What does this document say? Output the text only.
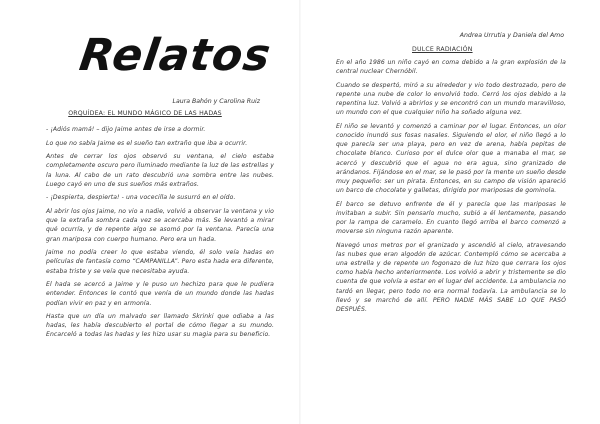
Relatos
Laura Bahón y Carolina Ruiz
ORQUÍDEA: EL MUNDO MÁGICO DE LAS HADAS

- ¡Adiós mamá! – dijo Jaime antes de irse a dormir.

Lo que no sabía Jaime es el sueño tan extraño que iba a ocurrir.

Antes de cerrar los ojos observó su ventana, el cielo estaba completamente oscuro pero iluminado mediante la luz de las estrellas y la luna. Al cabo de un rato descubrió una sombra entre las nubes. Luego cayó en uno de sus sueños más extraños.

- ¡Despierta, despierta! - una vocecilla le susurró en el oído.

Al abrir los ojos Jaime, no vio a nadie, volvió a observar la ventana y vio que la extraña sombra cada vez se acercaba más. Se levantó a mirar qué ocurría, y de repente algo se asomó por la ventana. Parecía una gran mariposa con cuerpo humano. Pero era un hada.

Jaime no podía creer lo que estaba viendo, él solo veía hadas en películas de fantasía como “CAMPANILLA”. Pero esta hada era diferente, estaba triste y se veía que necesitaba ayuda.

El hada se acercó a Jaime y le puso un hechizo para que le pudiera entender. Entonces le contó que venía de un mundo donde las hadas podían vivir en paz y en armonía.

Hasta que un día un malvado ser llamado Skrinki que odiaba a las hadas, les había descubierto el portal de cómo llegar a su mundo. Encarceló a todas las hadas y les hizo usar su magia para su beneficio.

Andrea Urrutia y Daniela del Amo
DULCE RADIACIÓN

En el año 1986 un niño cayó en coma debido a la gran explosión de la central nuclear Chernóbil.

Cuando se despertó, miró a su alrededor y vio todo destrozado, pero de repente una nube de color lo envolvió todo. Cerró los ojos debido a la repentina luz. Volvió a abrirlos y se encontró con un mundo maravilloso, un mundo con el que cualquier niño ha soñado alguna vez.

El niño se levantó y comenzó a caminar por el lugar. Entonces, un olor conocido inundó sus fosas nasales. Siguiendo el olor, el niño llegó a lo que parecía ser una playa, pero en vez de arena, había pepitas de chocolate blanco. Curioso por el dulce olor que a manaba el mar, se acercó y descubrió que el agua no era agua, sino granizado de arándanos. Fijándose en el mar, se le pasó por la mente un sueño desde muy pequeño: ser un pirata. Entonces, en su campo de visión apareció un barco de chocolate y galletas, dirigido por mariposas de gominola.

El barco se detuvo enfrente de él y parecía que las mariposas le invitaban a subir. Sin pensarlo mucho, subió a él lentamente, pasando por la rampa de caramelo. En cuanto llegó arriba el barco comenzó a moverse sin ninguna razón aparente.

Navegó unos metros por el granizado y ascendió al cielo, atravesando las nubes que eran algodón de azúcar. Contempló cómo se acercaba a una estrella y de repente un fogonazo de luz hizo que cerrara los ojos como había hecho anteriormente. Los volvió a abrir y tristemente se dio cuenta de que volvía a estar en el lugar del accidente. La ambulancia no tardó en llegar, pero todo no era normal todavía. La ambulancia se lo llevó y se marchó de allí. PERO NADIE MÁS SABE LO QUE PASÓ DESPUÉS.
